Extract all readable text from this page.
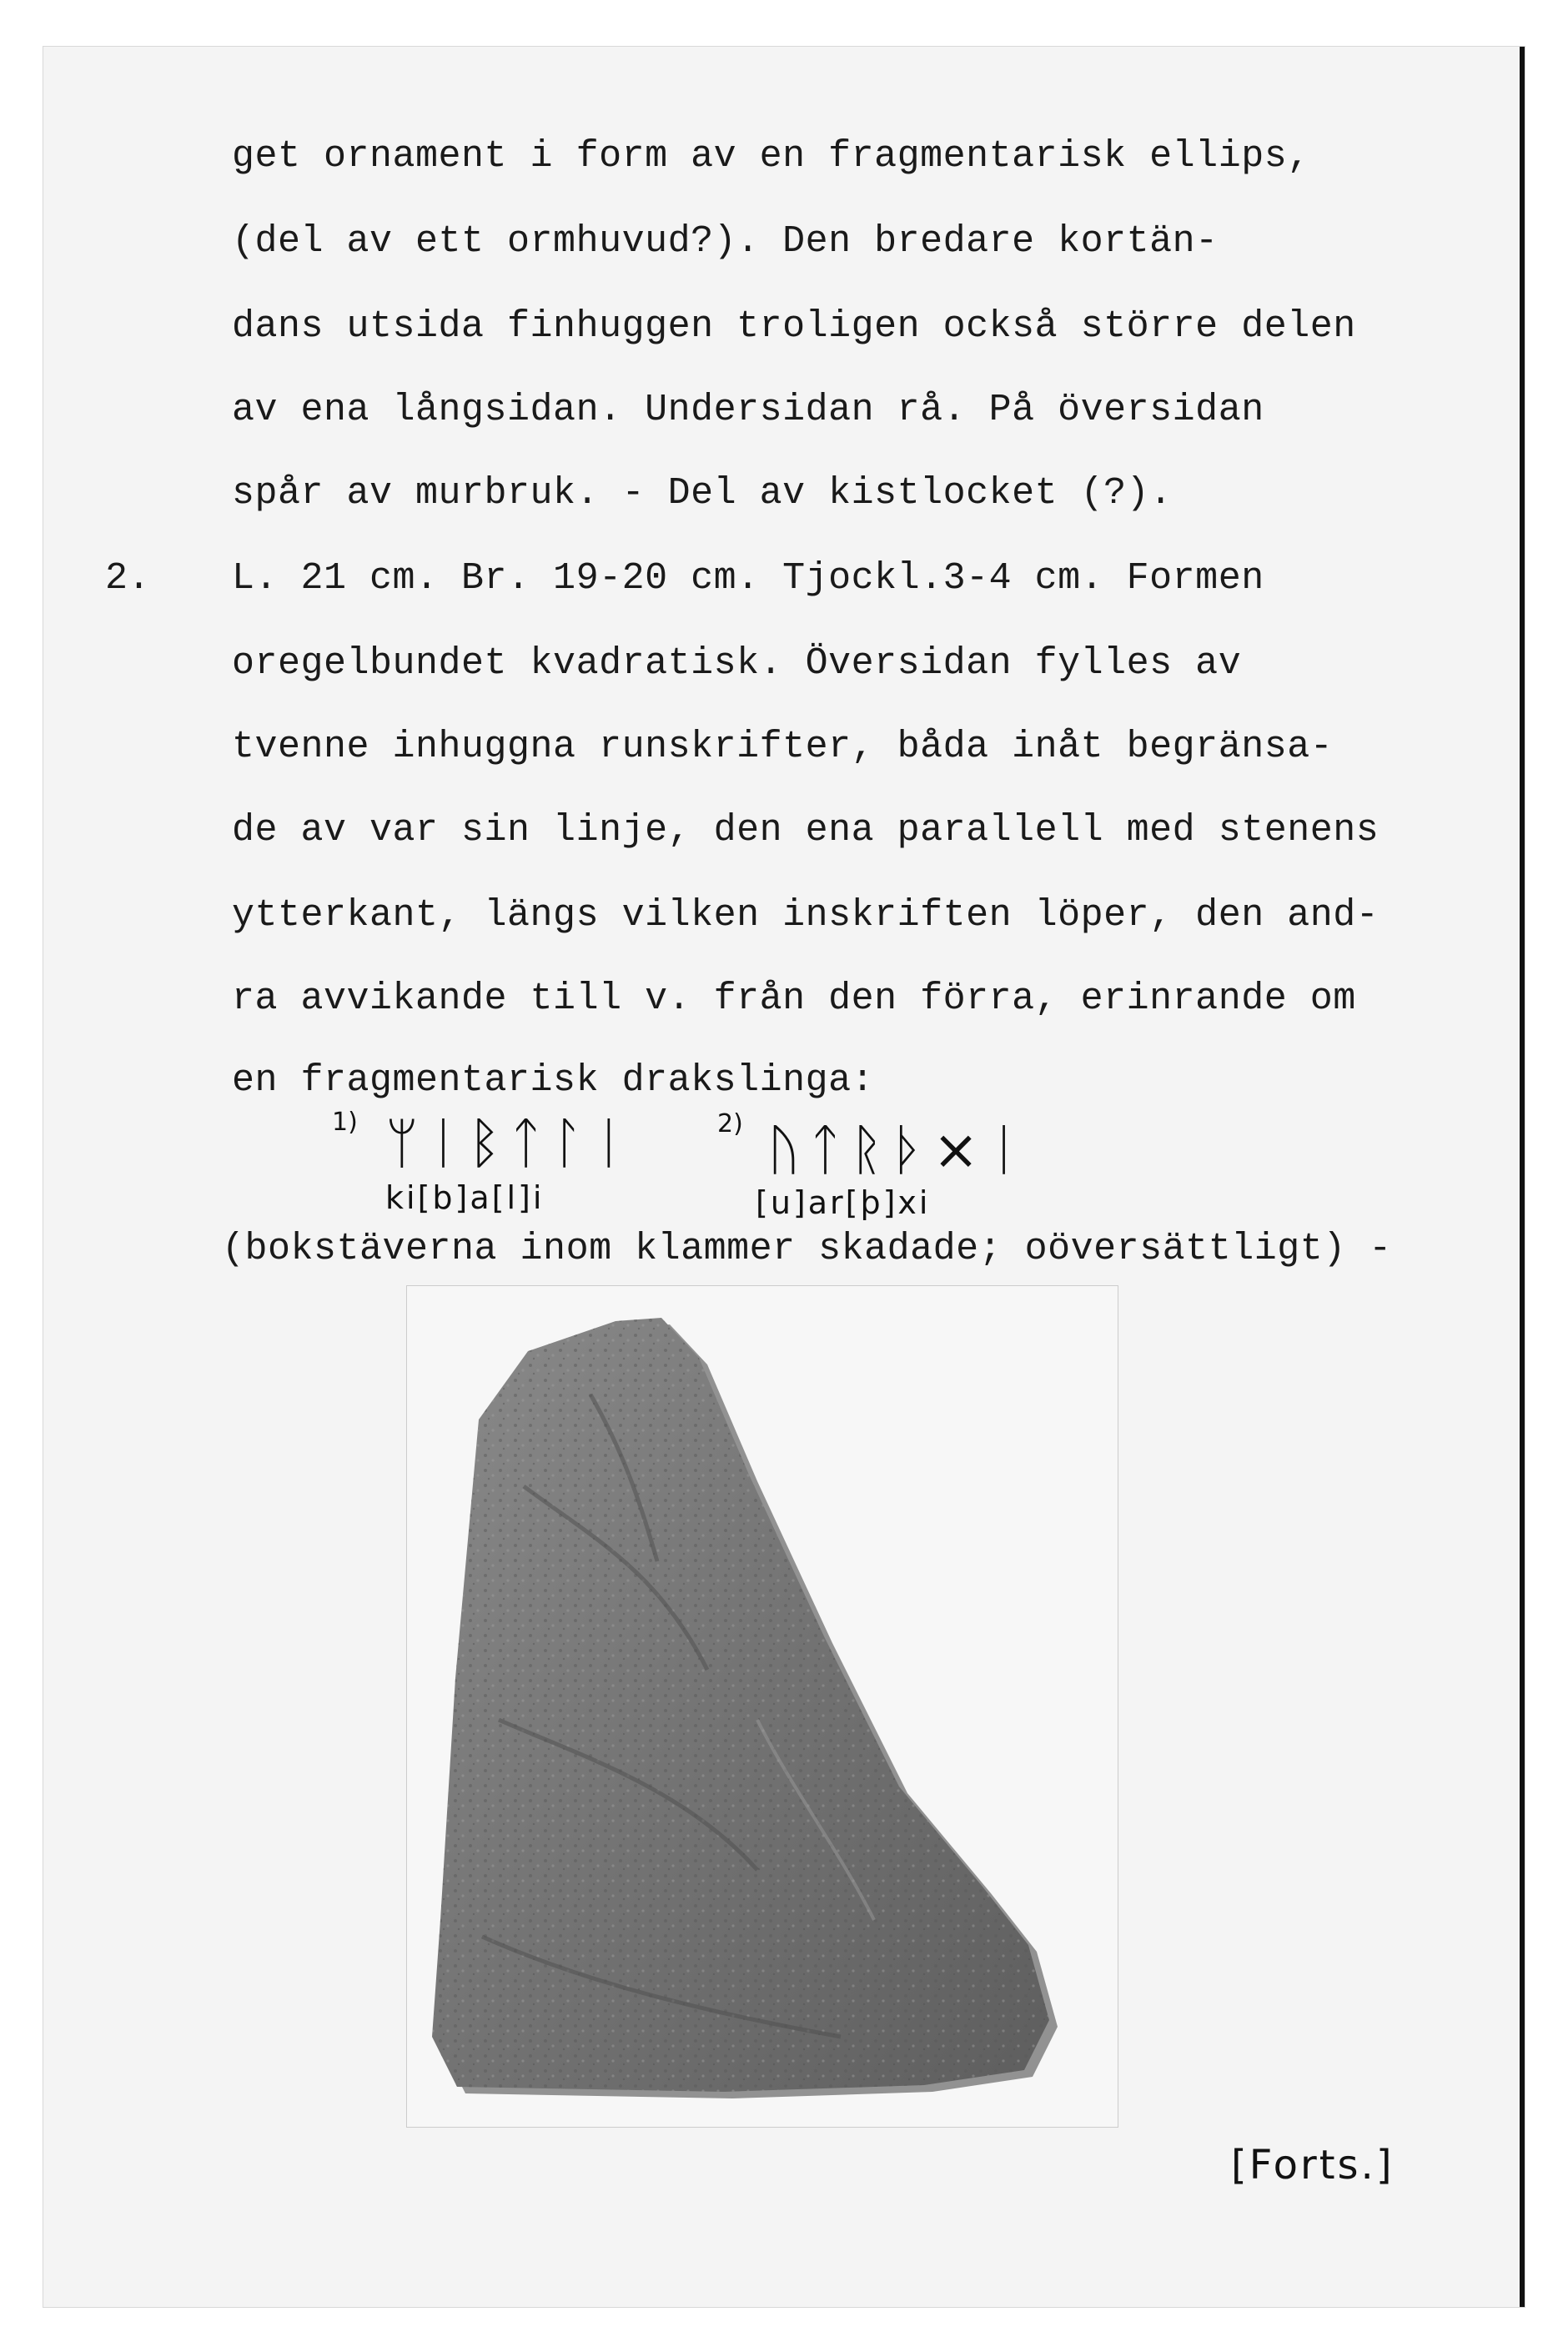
get ornament i form av en fragmentarisk ellips,
(del av ett ormhuvud?). Den bredare kortän-
dans utsida finhuggen troligen också större delen
av ena långsidan. Undersidan rå. På översidan
spår av murbruk. - Del av kistlocket (?).
2. L. 21 cm. Br. 19-20 cm. Tjockl.3-4 cm. Formen
oregelbundet kvadratisk. Översidan fylles av
tvenne inhuggna runskrifter, båda inåt begränsa-
de av var sin linje, den ena parallell med stenens
ytterkant, längs vilken inskriften löper, den and-
ra avvikande till v. från den förra, erinrande om
en fragmentarisk drakslinga:
1) ᛘᛁᛒᛏᛚᛁ
ki[b]a[l]i
2) ᚢᛏᚱᚦ×ᛁ
[u]ar[þ]xi
(bokstäverna inom klammer skadade; oöversättligt) -
[Forts.]
